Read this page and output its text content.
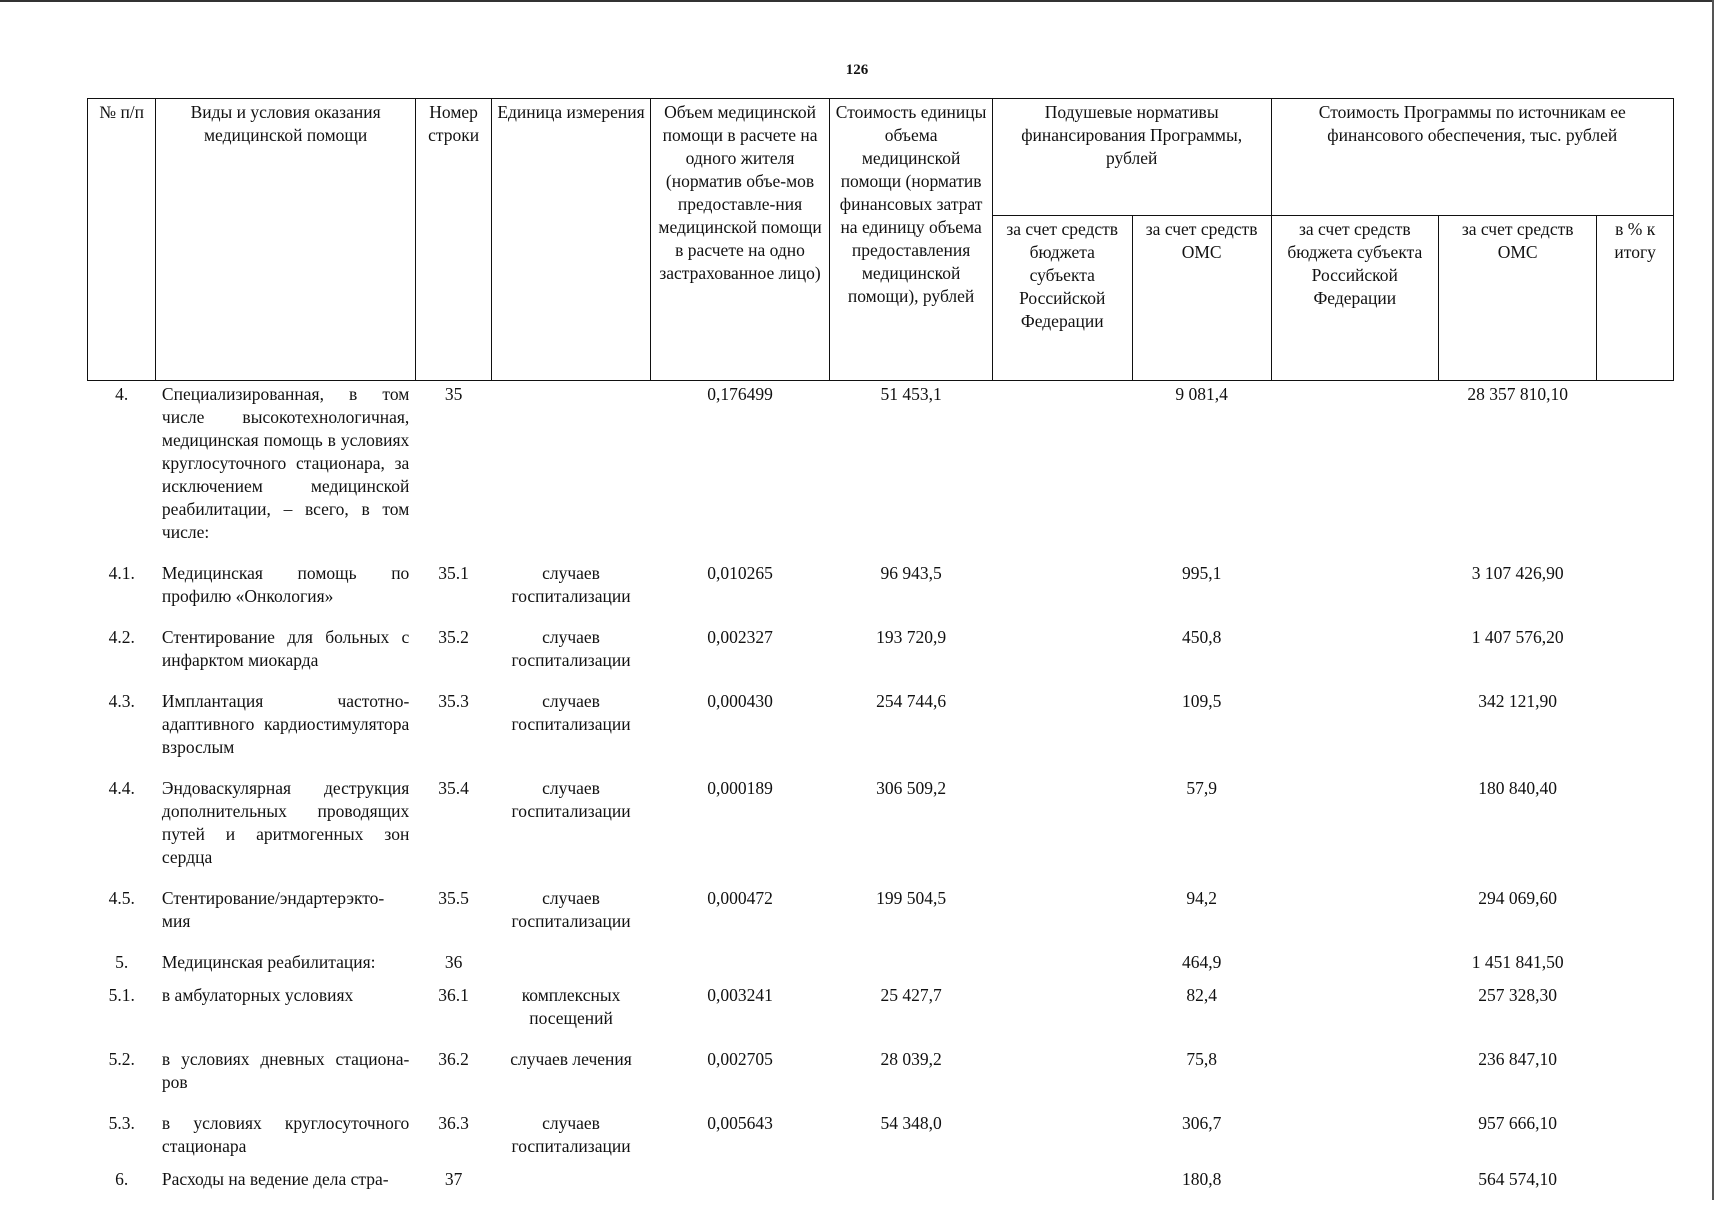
126
№ п/п	Виды и условия оказания медицинской помощи	Номер строки	Единица измерения	Объем медицинской помощи в расчете на одного жителя (норматив объе-мов предоставле-ния медицинской помощи в расчете на одно застрахованное лицо)	Стоимость единицы объема медицинской помощи (норматив финансовых затрат на единицу объема предоставления медицинской помощи), рублей	Подушевые нормативы финансирования Программы, рублей		Стоимость Программы по источникам ее финансового обеспечения, тыс. рублей		
						за счет средств бюджета субъекта Российской Федерации	за счет средств ОМС	за счет средств бюджета субъекта Российской Федерации	за счет средств ОМС	в % к итогу
4.	Специализированная, в том числе высокотехнологичная, медицинская помощь в условиях круглосуточного стационара, за исключением медицинской реабилитации, – всего, в том числе:	35		0,176499	51 453,1		9 081,4		28 357 810,10	
4.1.	Медицинская помощь по профилю «Онкология»	35.1	случаев госпитализации	0,010265	96 943,5		995,1		3 107 426,90	
4.2.	Стентирование для больных с инфарктом миокарда	35.2	случаев госпитализации	0,002327	193 720,9		450,8		1 407 576,20	
4.3.	Имплантация частотно-адаптивного кардиостимулятора взрослым	35.3	случаев госпитализации	0,000430	254 744,6		109,5		342 121,90	
4.4.	Эндоваскулярная деструкция дополнительных проводящих путей и аритмогенных зон сердца	35.4	случаев госпитализации	0,000189	306 509,2		57,9		180 840,40	
4.5.	Стентирование/эндартерэкто-мия	35.5	случаев госпитализации	0,000472	199 504,5		94,2		294 069,60	
5.	Медицинская реабилитация:	36					464,9		1 451 841,50	
5.1.	в амбулаторных условиях	36.1	комплексных посещений	0,003241	25 427,7		82,4		257 328,30	
5.2.	в условиях дневных стациона-ров	36.2	случаев лечения	0,002705	28 039,2		75,8		236 847,10	
5.3.	в условиях круглосуточного стационара	36.3	случаев госпитализации	0,005643	54 348,0		306,7		957 666,10	
6.	Расходы на ведение дела стра-	37					180,8		564 574,10	
